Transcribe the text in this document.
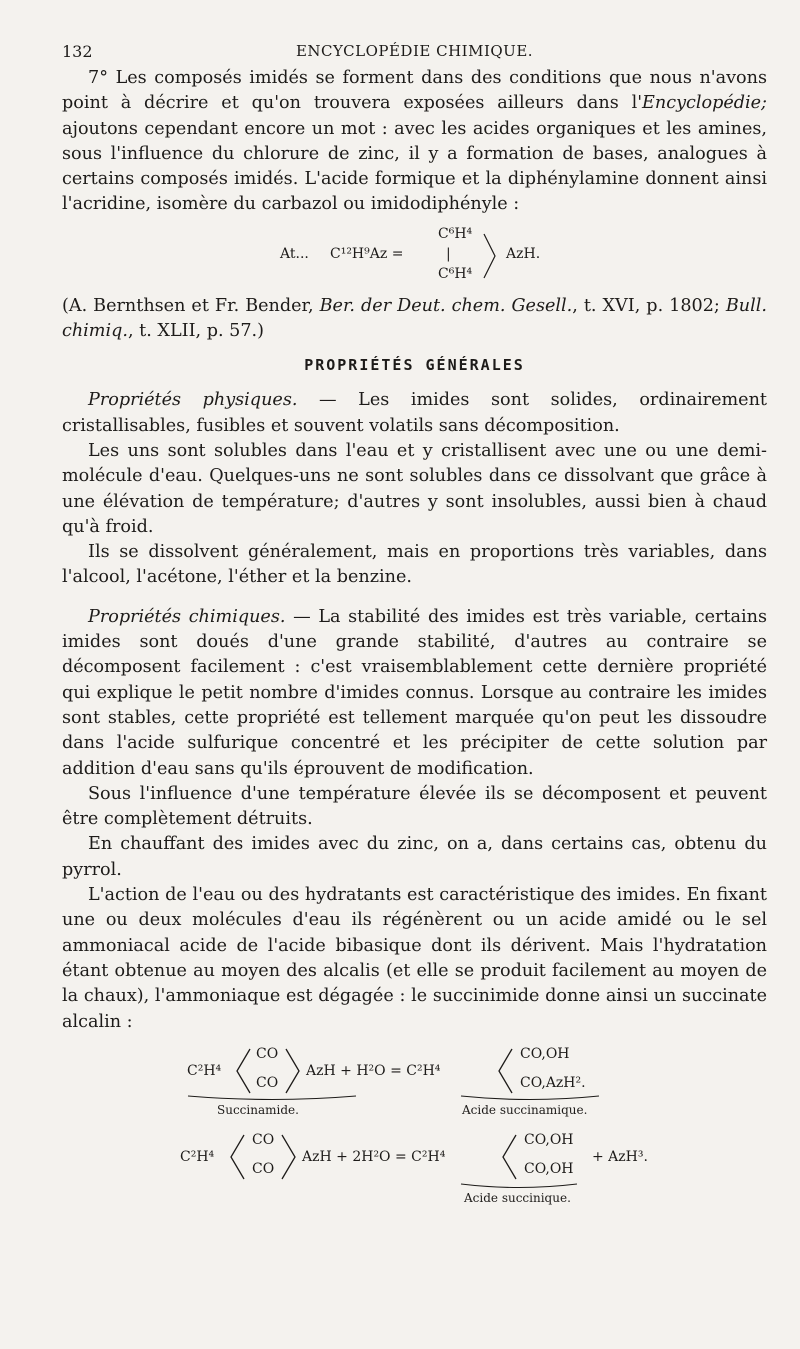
132	ENCYCLOPÉDIE CHIMIQUE.

7° Les composés imidés se forment dans des conditions que nous n'avons point à décrire et qu'on trouvera exposées ailleurs dans l'Encyclopédie; ajoutons cependant encore un mot : avec les acides organiques et les amines, sous l'influence du chlorure de zinc, il y a formation de bases, analogues à certains composés imidés. L'acide formique et la diphénylamine donnent ainsi l'acridine, isomère du carbazol ou imidodiphényle :

At... C¹²H⁹Az =
C⁶H⁴
|
C⁶H⁴
AzH.

(A. Bernthsen et Fr. Bender, Ber. der Deut. chem. Gesell., t. XVI, p. 1802; Bull. chimiq., t. XLII, p. 57.)

PROPRIÉTÉS GÉNÉRALES

Propriétés physiques. — Les imides sont solides, ordinairement cristallisables, fusibles et souvent volatils sans décomposition.

Les uns sont solubles dans l'eau et y cristallisent avec une ou une demi-molécule d'eau. Quelques-uns ne sont solubles dans ce dissolvant que grâce à une élévation de température; d'autres y sont insolubles, aussi bien à chaud qu'à froid.

Ils se dissolvent généralement, mais en proportions très variables, dans l'alcool, l'acétone, l'éther et la benzine.

Propriétés chimiques. — La stabilité des imides est très variable, certains imides sont doués d'une grande stabilité, d'autres au contraire se décomposent facilement : c'est vraisemblablement cette dernière propriété qui explique le petit nombre d'imides connus. Lorsque au contraire les imides sont stables, cette propriété est tellement marquée qu'on peut les dissoudre dans l'acide sulfurique concentré et les précipiter de cette solution par addition d'eau sans qu'ils éprouvent de modification.

Sous l'influence d'une température élevée ils se décomposent et peuvent être complètement détruits.

En chauffant des imides avec du zinc, on a, dans certains cas, obtenu du pyrrol.

L'action de l'eau ou des hydratants est caractéristique des imides. En fixant une ou deux molécules d'eau ils régénèrent ou un acide amidé ou le sel ammoniacal acide de l'acide bibasique dont ils dérivent. Mais l'hydratation étant obtenue au moyen des alcalis (et elle se produit facilement au moyen de la chaux), l'ammoniaque est dégagée : le succinimide donne ainsi un succinate alcalin :

C²H⁴
CO
CO
AzH + H²O = C²H⁴
CO,OH
CO,AzH².
Succinamide.	Acide succinamique.
C²H⁴
CO
CO
AzH + 2H²O = C²H⁴
CO,OH
CO,OH
+ AzH³.
Acide succinique.
